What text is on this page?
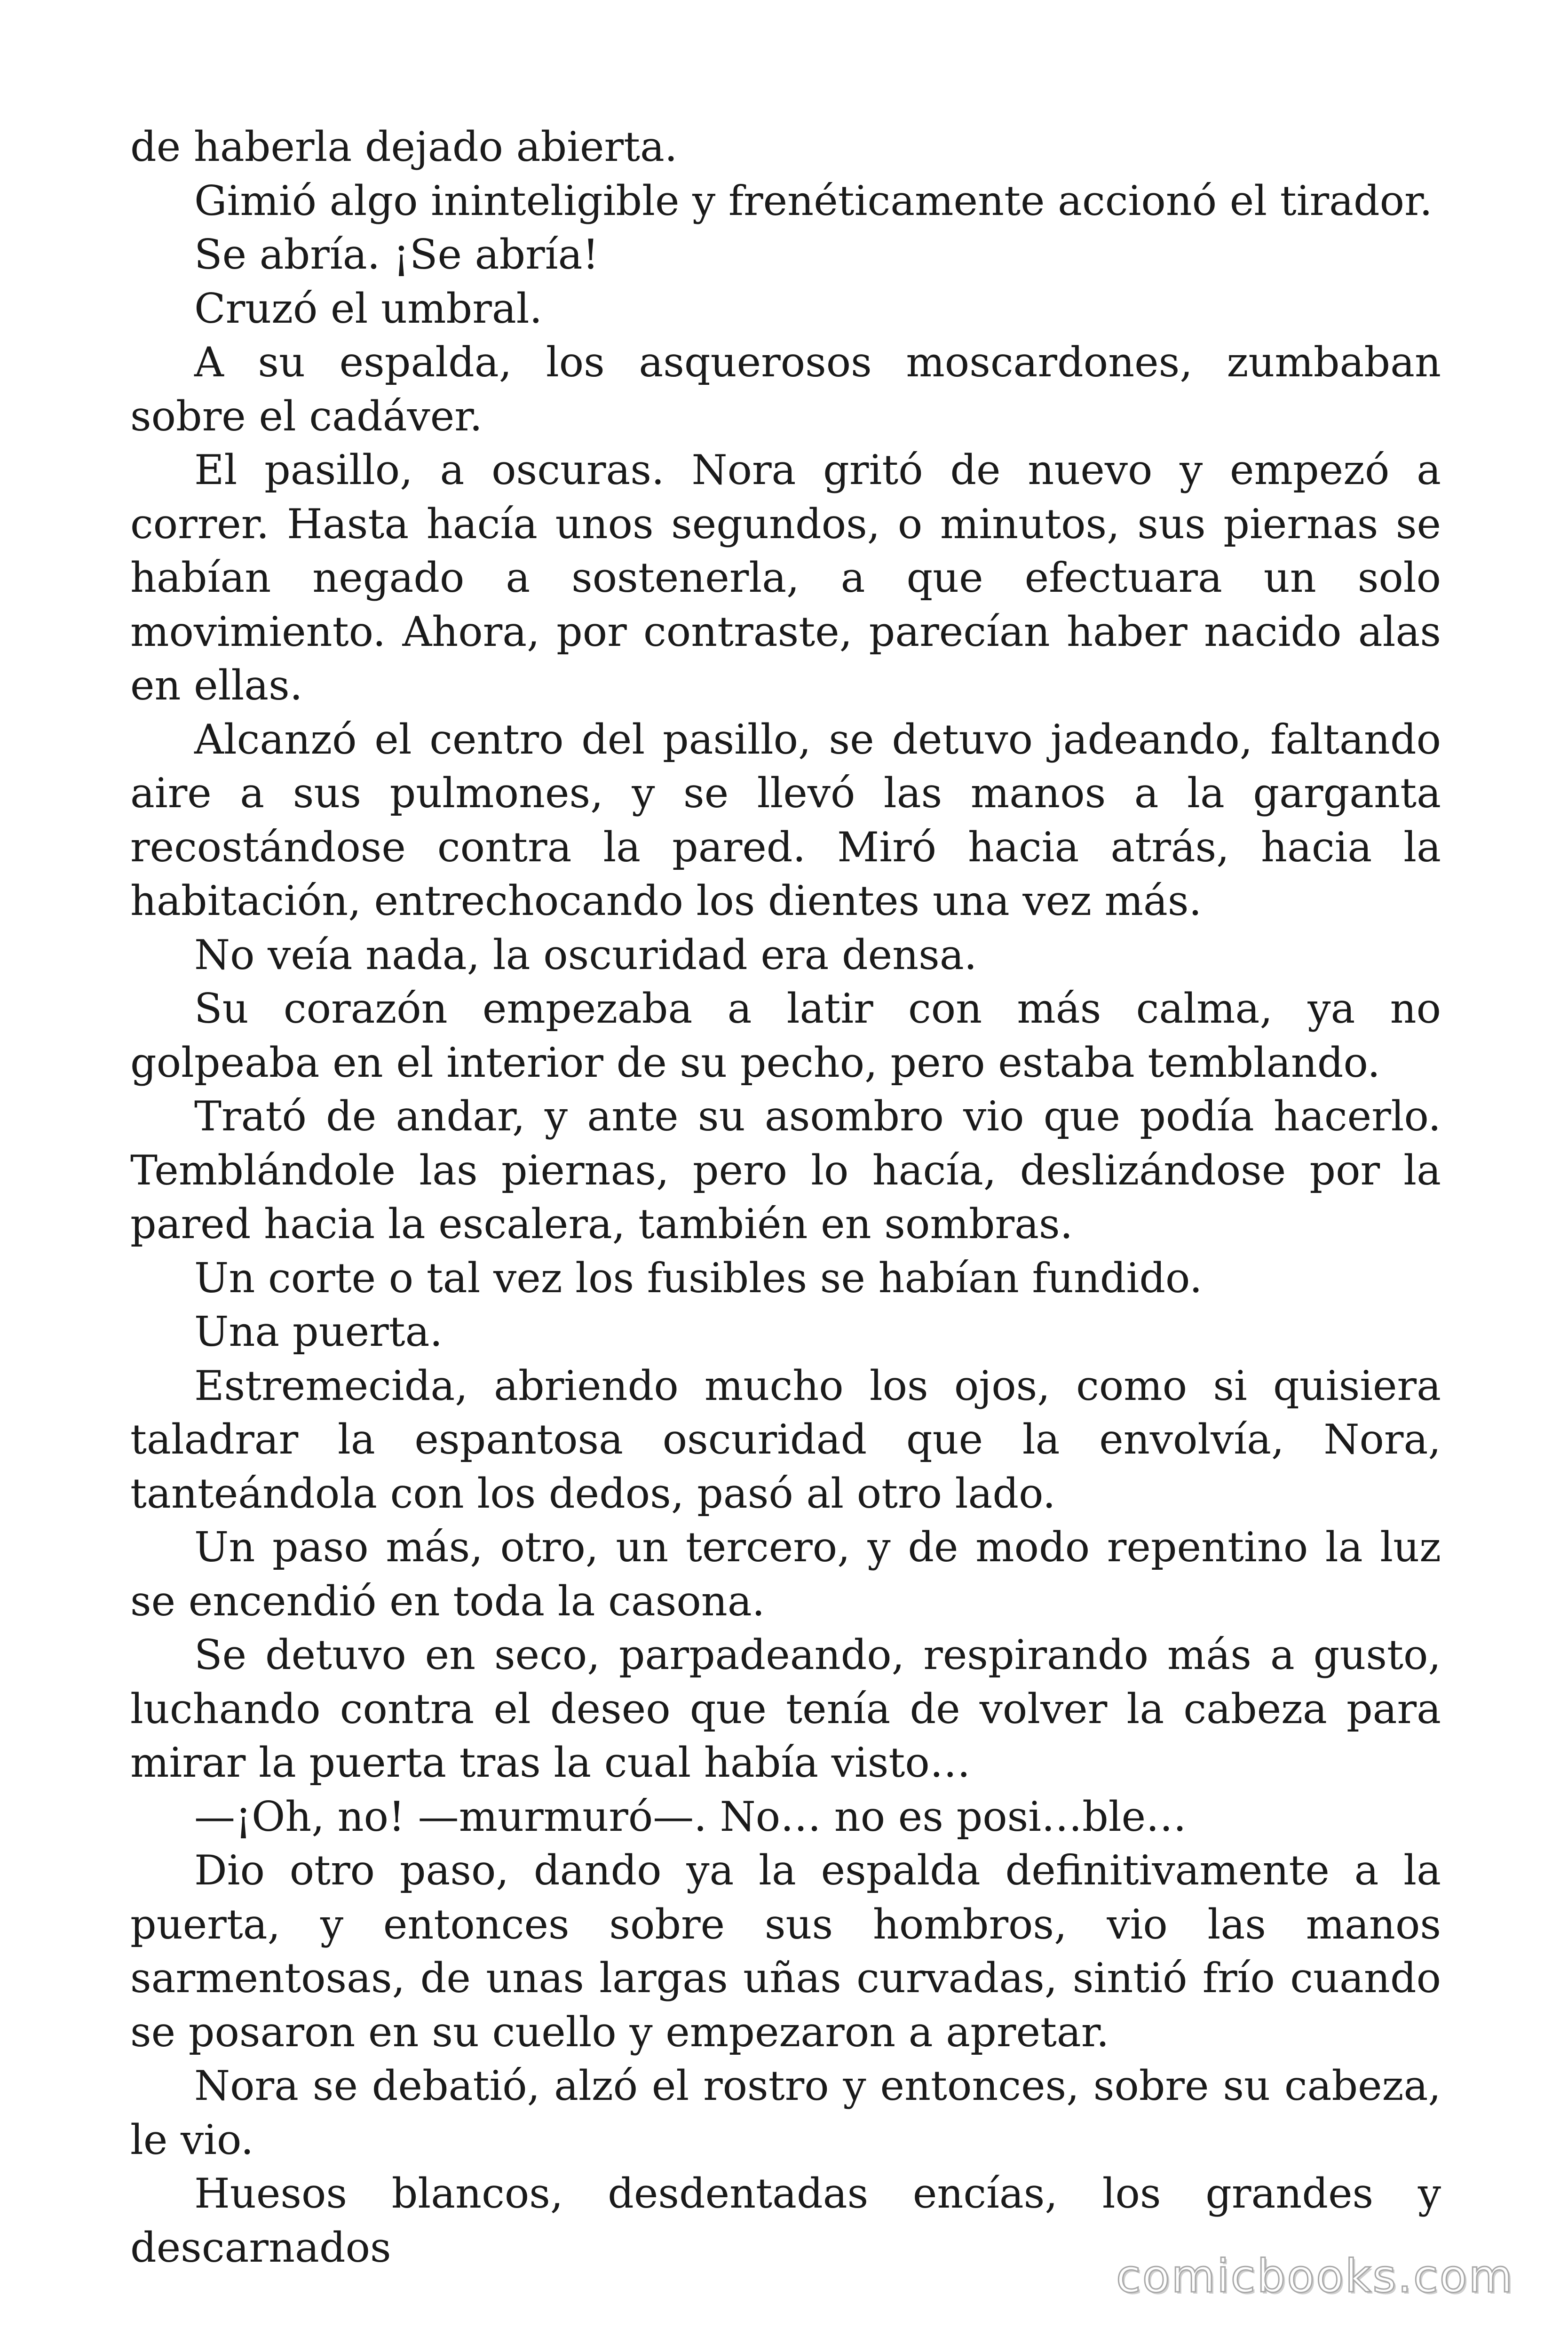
de haberla dejado abierta.

Gimió algo ininteligible y frenéticamente accionó el tirador.

Se abría. ¡Se abría!

Cruzó el umbral.

A su espalda, los asquerosos moscardones, zumbaban sobre el cadáver.

El pasillo, a oscuras. Nora gritó de nuevo y empezó a correr. Hasta hacía unos segundos, o minutos, sus piernas se habían negado a sostenerla, a que efectuara un solo movimiento. Ahora, por contraste, parecían haber nacido alas en ellas.

Alcanzó el centro del pasillo, se detuvo jadeando, faltando aire a sus pulmones, y se llevó las manos a la garganta recostándose contra la pared. Miró hacia atrás, hacia la habitación, entrechocando los dientes una vez más.

No veía nada, la oscuridad era densa.

Su corazón empezaba a latir con más calma, ya no golpeaba en el interior de su pecho, pero estaba temblando.

Trató de andar, y ante su asombro vio que podía hacerlo. Temblándole las piernas, pero lo hacía, deslizándose por la pared hacia la escalera, también en sombras.

Un corte o tal vez los fusibles se habían fundido.

Una puerta.

Estremecida, abriendo mucho los ojos, como si quisiera taladrar la espantosa oscuridad que la envolvía, Nora, tanteándola con los dedos, pasó al otro lado.

Un paso más, otro, un tercero, y de modo repentino la luz se encendió en toda la casona.

Se detuvo en seco, parpadeando, respirando más a gusto, luchando contra el deseo que tenía de volver la cabeza para mirar la puerta tras la cual había visto…

—¡Oh, no! —murmuró—. No… no es posi…ble…

Dio otro paso, dando ya la espalda definitivamente a la puerta, y entonces sobre sus hombros, vio las manos sarmentosas, de unas largas uñas curvadas, sintió frío cuando se posaron en su cuello y empezaron a apretar.

Nora se debatió, alzó el rostro y entonces, sobre su cabeza, le vio.

Huesos blancos, desdentadas encías, los grandes y descarnados

comicbooks.com
